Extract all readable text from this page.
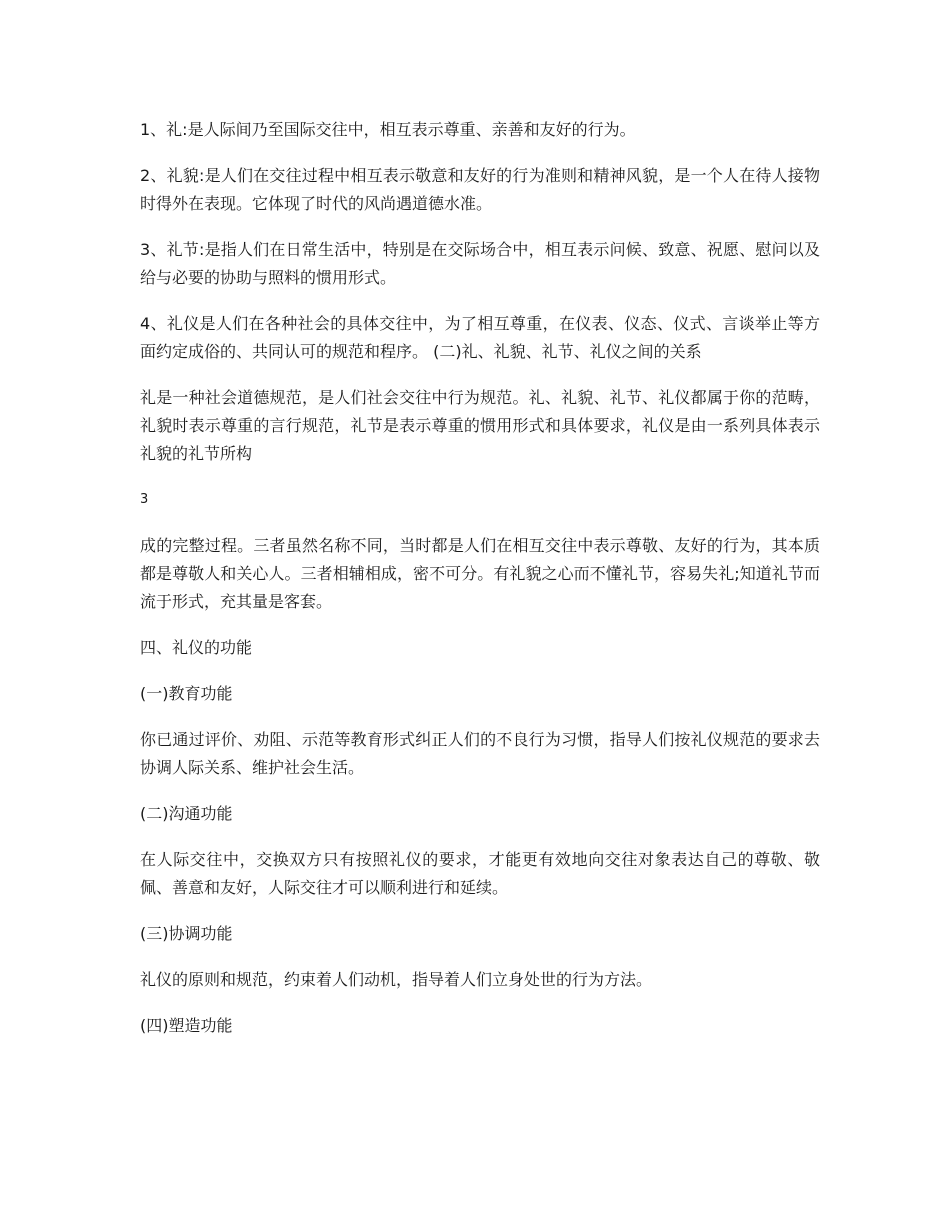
1、礼:是人际间乃至国际交往中，相互表示尊重、亲善和友好的行为。

2、礼貌:是人们在交往过程中相互表示敬意和友好的行为准则和精神风貌，是一个人在待人接物时得外在表现。它体现了时代的风尚遇道德水准。

3、礼节:是指人们在日常生活中，特别是在交际场合中，相互表示问候、致意、祝愿、慰问以及给与必要的协助与照料的惯用形式。

4、礼仪是人们在各种社会的具体交往中，为了相互尊重，在仪表、仪态、仪式、言谈举止等方面约定成俗的、共同认可的规范和程序。 (二)礼、礼貌、礼节、礼仪之间的关系

礼是一种社会道德规范，是人们社会交往中行为规范。礼、礼貌、礼节、礼仪都属于你的范畴，礼貌时表示尊重的言行规范，礼节是表示尊重的惯用形式和具体要求，礼仪是由一系列具体表示礼貌的礼节所构

3

成的完整过程。三者虽然名称不同，当时都是人们在相互交往中表示尊敬、友好的行为，其本质都是尊敬人和关心人。三者相辅相成，密不可分。有礼貌之心而不懂礼节，容易失礼;知道礼节而流于形式，充其量是客套。

四、礼仪的功能

(一)教育功能

你已通过评价、劝阻、示范等教育形式纠正人们的不良行为习惯，指导人们按礼仪规范的要求去协调人际关系、维护社会生活。

(二)沟通功能

在人际交往中，交换双方只有按照礼仪的要求，才能更有效地向交往对象表达自己的尊敬、敬佩、善意和友好，人际交往才可以顺利进行和延续。

(三)协调功能

礼仪的原则和规范，约束着人们动机，指导着人们立身处世的行为方法。

(四)塑造功能
